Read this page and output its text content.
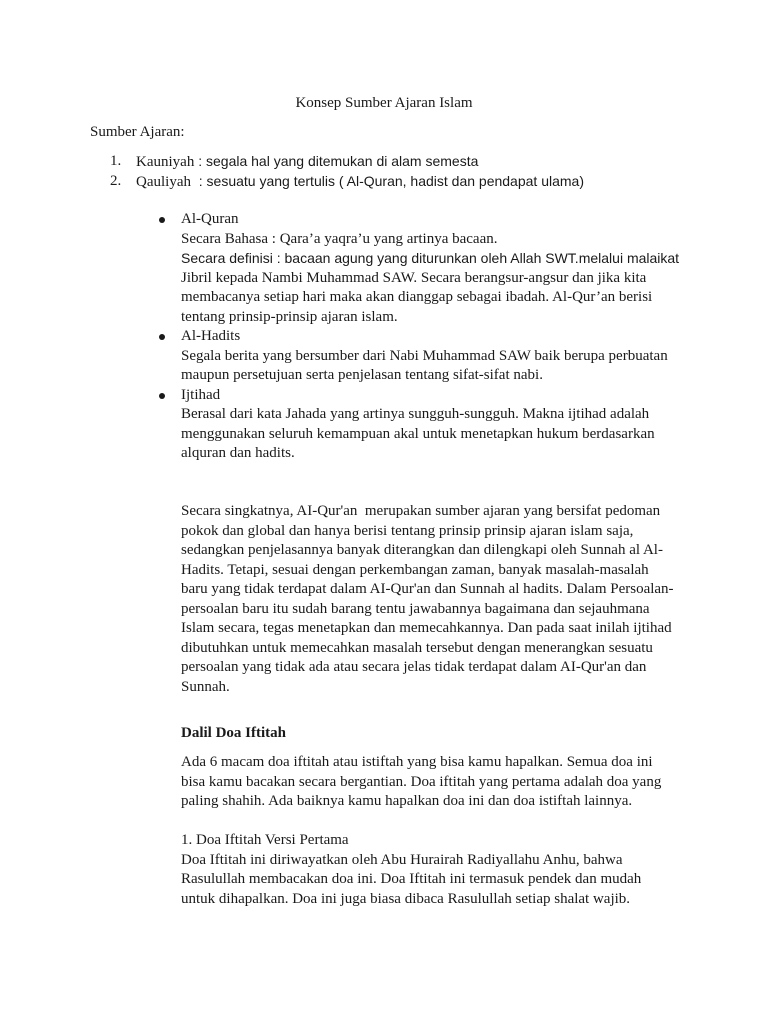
Konsep Sumber Ajaran Islam
Sumber Ajaran:
1. Kauniyah : segala hal yang ditemukan di alam semesta
2. Qauliyah  : sesuatu yang tertulis ( Al-Quran, hadist dan pendapat ulama)
Al-Quran
Secara Bahasa : Qara’a yaqra’u yang artinya bacaan.
Secara definisi : bacaan agung yang diturunkan oleh Allah SWT.melalui malaikat
Jibril kepada Nambi Muhammad SAW. Secara berangsur-angsur dan jika kita
membacanya setiap hari maka akan dianggap sebagai ibadah. Al-Qur’an berisi
tentang prinsip-prinsip ajaran islam.
Al-Hadits
Segala berita yang bersumber dari Nabi Muhammad SAW baik berupa perbuatan
maupun persetujuan serta penjelasan tentang sifat-sifat nabi.
Ijtihad
Berasal dari kata Jahada yang artinya sungguh-sungguh. Makna ijtihad adalah
menggunakan seluruh kemampuan akal untuk menetapkan hukum berdasarkan
alquran dan hadits.
Secara singkatnya, AI-Qur'an  merupakan sumber ajaran yang bersifat pedoman
pokok dan global dan hanya berisi tentang prinsip prinsip ajaran islam saja,
sedangkan penjelasannya banyak diterangkan dan dilengkapi oleh Sunnah al Al-
Hadits. Tetapi, sesuai dengan perkembangan zaman, banyak masalah-masalah
baru yang tidak terdapat dalam AI-Qur'an dan Sunnah al hadits. Dalam Persoalan-
persoalan baru itu sudah barang tentu jawabannya bagaimana dan sejauhmana
Islam secara, tegas menetapkan dan memecahkannya. Dan pada saat inilah ijtihad
dibutuhkan untuk memecahkan masalah tersebut dengan menerangkan sesuatu
persoalan yang tidak ada atau secara jelas tidak terdapat dalam AI-Qur'an dan
Sunnah.
Dalil Doa Iftitah
Ada 6 macam doa iftitah atau istiftah yang bisa kamu hapalkan. Semua doa ini
bisa kamu bacakan secara bergantian. Doa iftitah yang pertama adalah doa yang
paling shahih. Ada baiknya kamu hapalkan doa ini dan doa istiftah lainnya.
1. Doa Iftitah Versi Pertama
Doa Iftitah ini diriwayatkan oleh Abu Hurairah Radiyallahu Anhu, bahwa
Rasulullah membacakan doa ini. Doa Iftitah ini termasuk pendek dan mudah
untuk dihapalkan. Doa ini juga biasa dibaca Rasulullah setiap shalat wajib.
